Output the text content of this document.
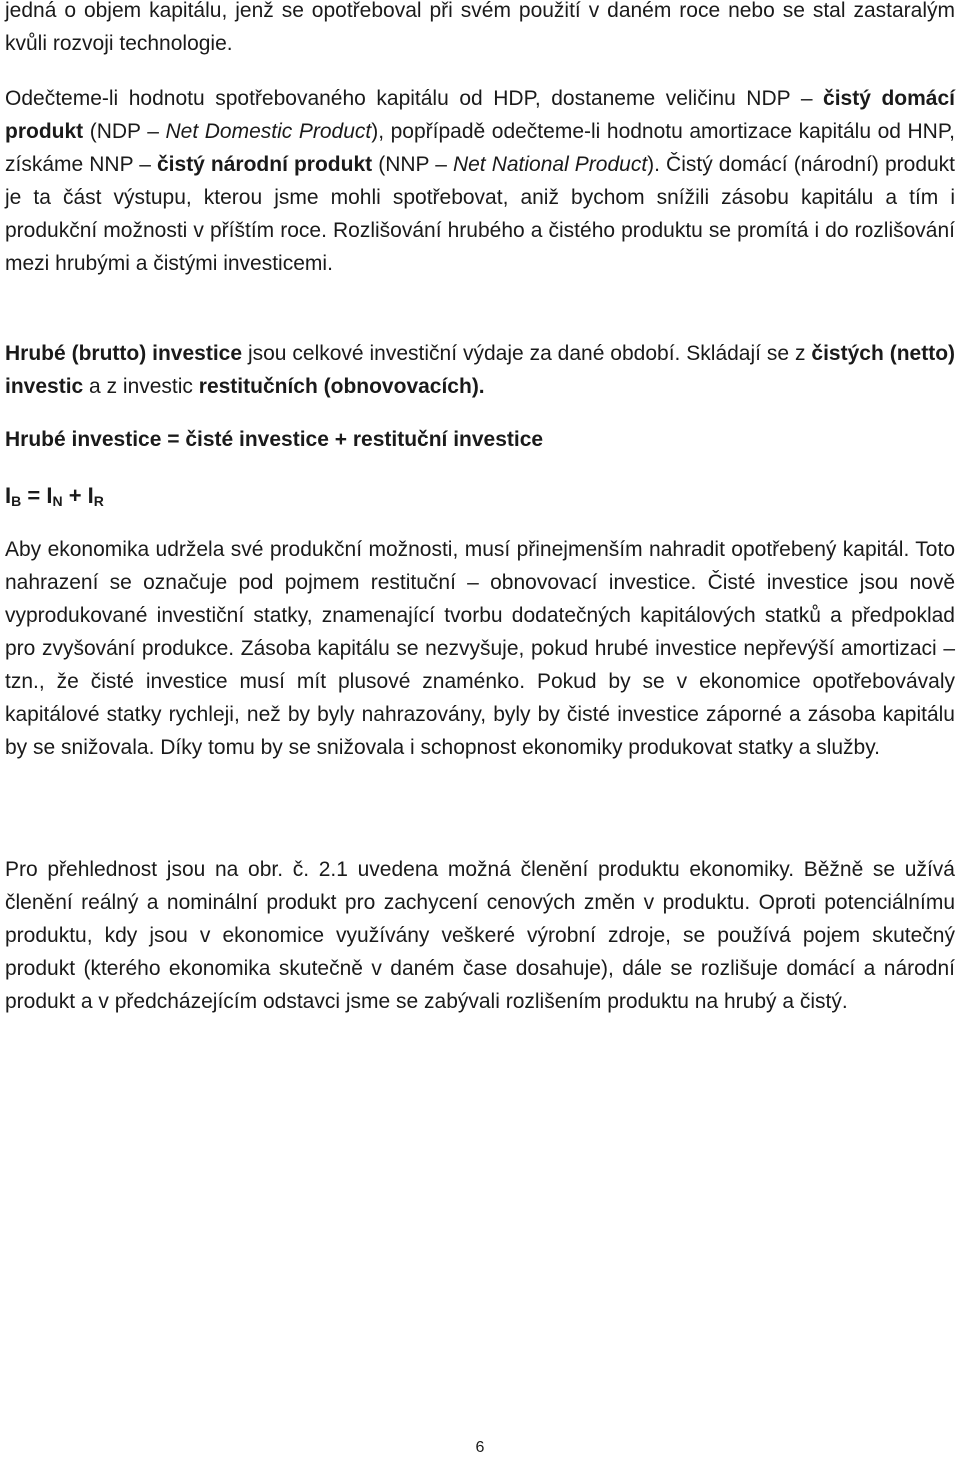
jedná o objem kapitálu, jenž se opotřeboval při svém použití v daném roce nebo se stal zastaralým kvůli rozvoji technologie.

Odečteme-li hodnotu spotřebovaného kapitálu od HDP, dostaneme veličinu NDP – čistý domácí produkt (NDP – Net Domestic Product), popřípadě odečteme-li hodnotu amortizace kapitálu od HNP, získáme NNP – čistý národní produkt (NNP – Net National Product). Čistý domácí (národní) produkt je ta část výstupu, kterou jsme mohli spotřebovat, aniž bychom snížili zásobu kapitálu a tím i produkční možnosti v příštím roce. Rozlišování hrubého a čistého produktu se promítá i do rozlišování mezi hrubými a čistými investicemi.

Hrubé (brutto) investice jsou celkové investiční výdaje za dané období. Skládají se z čistých (netto) investic a z investic restitučních (obnovovacích).

Hrubé investice = čisté investice + restituční investice

$I_B = I_N + I_R$

Aby ekonomika udržela své produkční možnosti, musí přinejmenším nahradit opotřebený kapitál. Toto nahrazení se označuje pod pojmem restituční – obnovovací investice. Čisté investice jsou nově vyprodukované investiční statky, znamenající tvorbu dodatečných kapitálových statků a předpoklad pro zvyšování produkce. Zásoba kapitálu se nezvyšuje, pokud hrubé investice nepřevýší amortizaci – tzn., že čisté investice musí mít plusové znaménko. Pokud by se v ekonomice opotřebovávaly kapitálové statky rychleji, než by byly nahrazovány, byly by čisté investice záporné a zásoba kapitálu by se snižovala. Díky tomu by se snižovala i schopnost ekonomiky produkovat statky a služby.

Pro přehlednost jsou na obr. č. 2.1 uvedena možná členění produktu ekonomiky. Běžně se užívá členění reálný a nominální produkt pro zachycení cenových změn v produktu. Oproti potenciálnímu produktu, kdy jsou v ekonomice využívány veškeré výrobní zdroje, se používá pojem skutečný produkt (kterého ekonomika skutečně v daném čase dosahuje), dále se rozlišuje domácí a národní produkt a v předcházejícím odstavci jsme se zabývali rozlišením produktu na hrubý a čistý.

6
